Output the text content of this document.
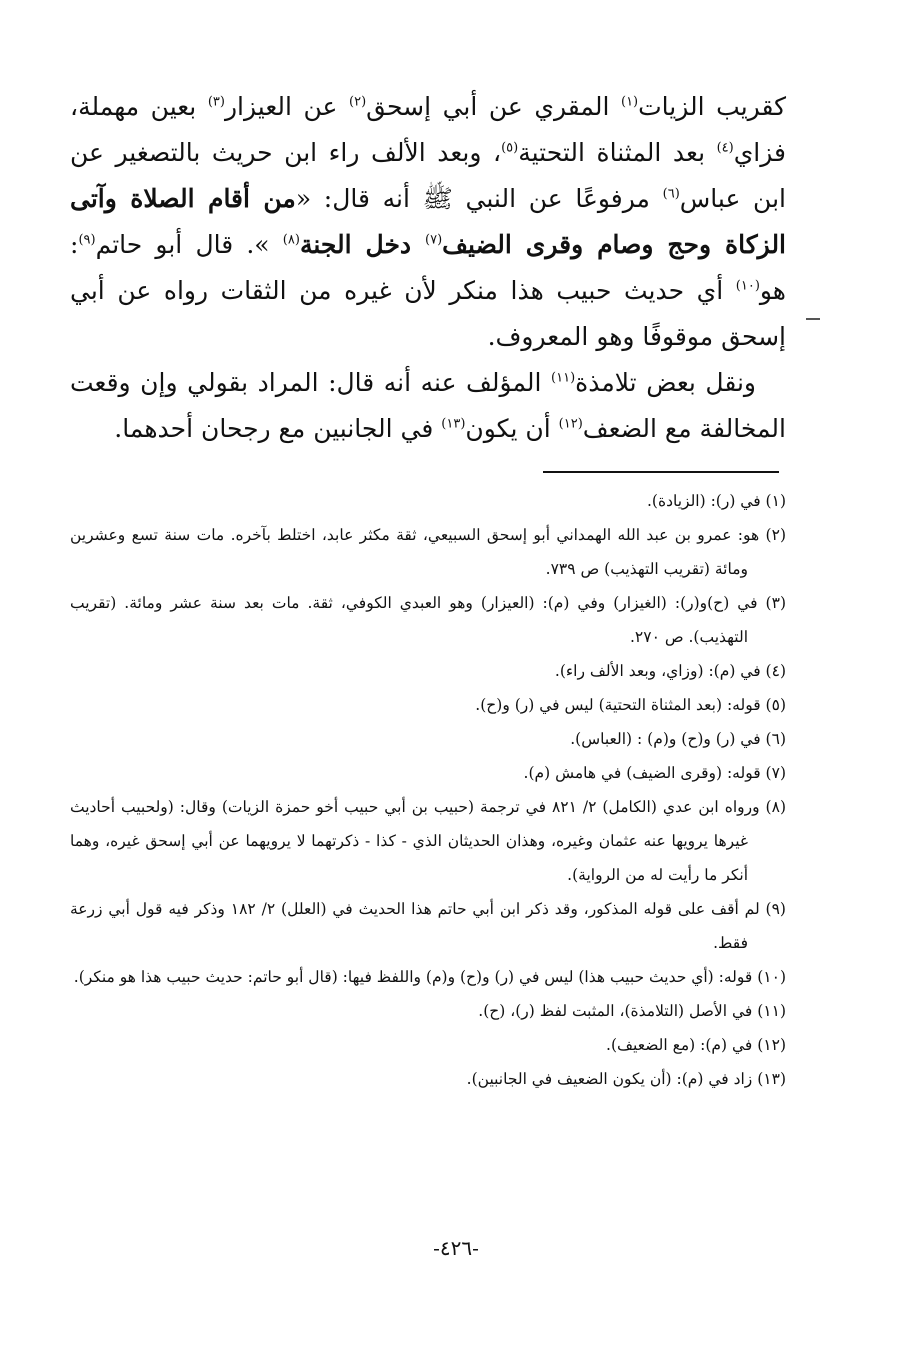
كقريب الزيات$^{(١)}$ المقري عن أبي إسحق$^{(٢)}$ عن العيزار$^{(٣)}$ بعين مهملة، فزاي$^{(٤)}$ بعد المثناة التحتية$^{(٥)}$، وبعد الألف راء ابن حريث بالتصغير عن ابن عباس$^{(٦)}$ مرفوعًا عن النبي ﷺ أنه قال: «من أقام الصلاة وآتى الزكاة وحج وصام وقرى الضيف$^{(٧)}$ دخل الجنة$^{(٨)}$ ». قال أبو حاتم$^{(٩)}$: هو$^{(١٠)}$ أي حديث حبيب هذا منكر لأن غيره من الثقات رواه عن أبي إسحق موقوفًا وهو المعروف.

ونقل بعض تلامذة$^{(١١)}$ المؤلف عنه أنه قال: المراد بقولي وإن وقعت المخالفة مع الضعف$^{(١٢)}$ أن يكون$^{(١٣)}$ في الجانبين مع رجحان أحدهما.

(١) في (ر): (الزيادة).

(٢) هو: عمرو بن عبد الله الهمداني أبو إسحق السبيعي، ثقة مكثر عابد، اختلط بآخره. مات سنة تسع وعشرين ومائة (تقريب التهذيب) ص ٧٣٩.

(٣) في (ح)و(ر): (الغيزار) وفي (م): (العيزار) وهو العبدي الكوفي، ثقة. مات بعد سنة عشر ومائة. (تقريب التهذيب). ص ٢٧٠.

(٤) في (م): (وزاي، وبعد الألف راء).

(٥) قوله: (بعد المثناة التحتية) ليس في (ر) و(ح).

(٦) في (ر) و(ح) و(م) : (العباس).

(٧) قوله: (وقرى الضيف) في هامش (م).

(٨) ورواه ابن عدي (الكامل) ٢/ ٨٢١ في ترجمة (حبيب بن أبي حبيب أخو حمزة الزيات) وقال: (ولحبيب أحاديث غيرها يرويها عنه عثمان وغيره، وهذان الحديثان الذي - كذا - ذكرتهما لا يرويهما عن أبي إسحق غيره، وهما أنكر ما رأيت له من الرواية).

(٩) لم أقف على قوله المذكور، وقد ذكر ابن أبي حاتم هذا الحديث في (العلل) ٢/ ١٨٢ وذكر فيه قول أبي زرعة فقط.

(١٠) قوله: (أي حديث حبيب هذا) ليس في (ر) و(ح) و(م) واللفظ فيها: (قال أبو حاتم: حديث حبيب هذا هو منكر).

(١١) في الأصل (التلامذة)، المثبت لفظ (ر)، (ح).

(١٢) في (م): (مع الضعيف).

(١٣) زاد في (م): (أن يكون الضعيف في الجانبين).

-٤٢٦-
